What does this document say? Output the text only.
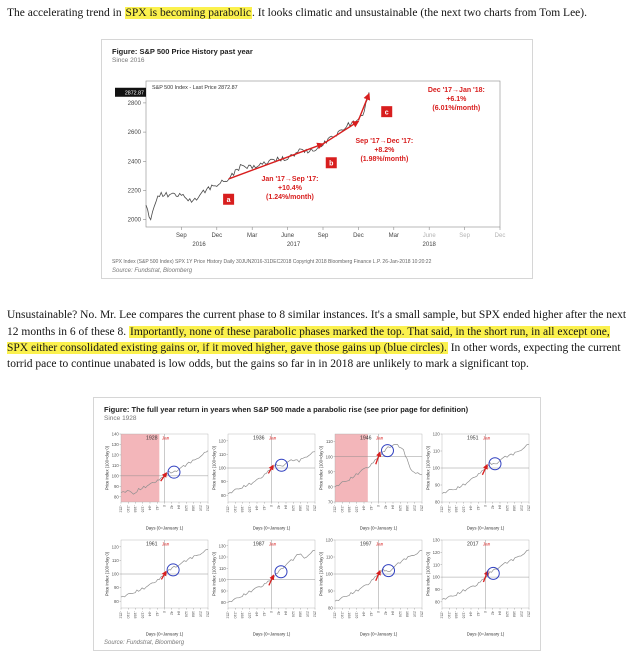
The accelerating trend in SPX is becoming parabolic. It looks climatic and unsustainable (the next two charts from Tom Lee).

Figure: S&P 500 Price History past year
Since 2016
2000
2200
2400
2600
2800
2872.87
Sep	Dec	Mar	June	Sep	Dec	Mar	June	Sep	Dec
2016	2017	2018
S&P 500 Index - Last Price 2872.87
a
Jan '17→Sep '17:
+10.4%
(1.24%/month)
b
Sep '17→Dec '17:
+8.2%
(1.98%/month)
c
Dec '17→Jan '18:
+6.1%
(6.01%/month)
SPX Index (S&P 500 Index) SPX 1Y Price History Daily 30JUN2016-31DEC2018 Copyright 2018 Bloomberg Finance L.P. 26-Jan-2018 10:20:22
Source: Fundstrat, Bloomberg

Unsustainable? No. Mr. Lee compares the current phase to 8 similar instances. It's a small sample, but SPX ended higher after the next 12 months in 6 of these 8. Importantly, none of these parabolic phases marked the top. That said, in the short run, in all except one, SPX either consolidated existing gains or, if it moved higher, gave those gains up (blue circles). In other words, expecting the current torrid pace to continue unabated is low odds, but the gains so far in in 2018 are unlikely to mark a significant top.

Figure: The full year return in years when S&P 500 made a parabolic rise (see prior page for definition)
Since 1928
80
90
100
110
120
130
140
-252 -210 -168 -126 -84 -42 0 42 84 126 168 210 252
Days (0=January 1)
Price index (100=day 0)
1928 Jan
80
90
100
110
120
-252 -210 -168 -126 -84 -42 0 42 84 126 168 210 252
Days (0=January 1)
Price index (100=day 0)
1936 Jan
70
80
90
100
110
-252 -210 -168 -126 -84 -42 0 42 84 126 168 210 252
Days (0=January 1)
Price index (100=day 0)
1946 Jan
80
90
100
110
120
-252 -210 -168 -126 -84 -42 0 42 84 126 168 210 252
Days (0=January 1)
Price index (100=day 0)
1951 Jan
80
90
100
110
120
-252 -210 -168 -126 -84 -42 0 42 84 126 168 210 252
Days (0=January 1)
Price index (100=day 0)
1961 Jan
80
90
100
110
120
130
-252 -210 -168 -126 -84 -42 0 42 84 126 168 210 252
Days (0=January 1)
Price index (100=day 0)
1987 Jan
80
90
100
110
120
-252 -210 -168 -126 -84 -42 0 42 84 126 168 210 252
Days (0=January 1)
Price index (100=day 0)
1997 Jan
80
90
100
110
120
130
-252 -210 -168 -126 -84 -42 0 42 84 126 168 210 252
Days (0=January 1)
Price index (100=day 0)
2017 Jan
Source: Fundstrat, Bloomberg
